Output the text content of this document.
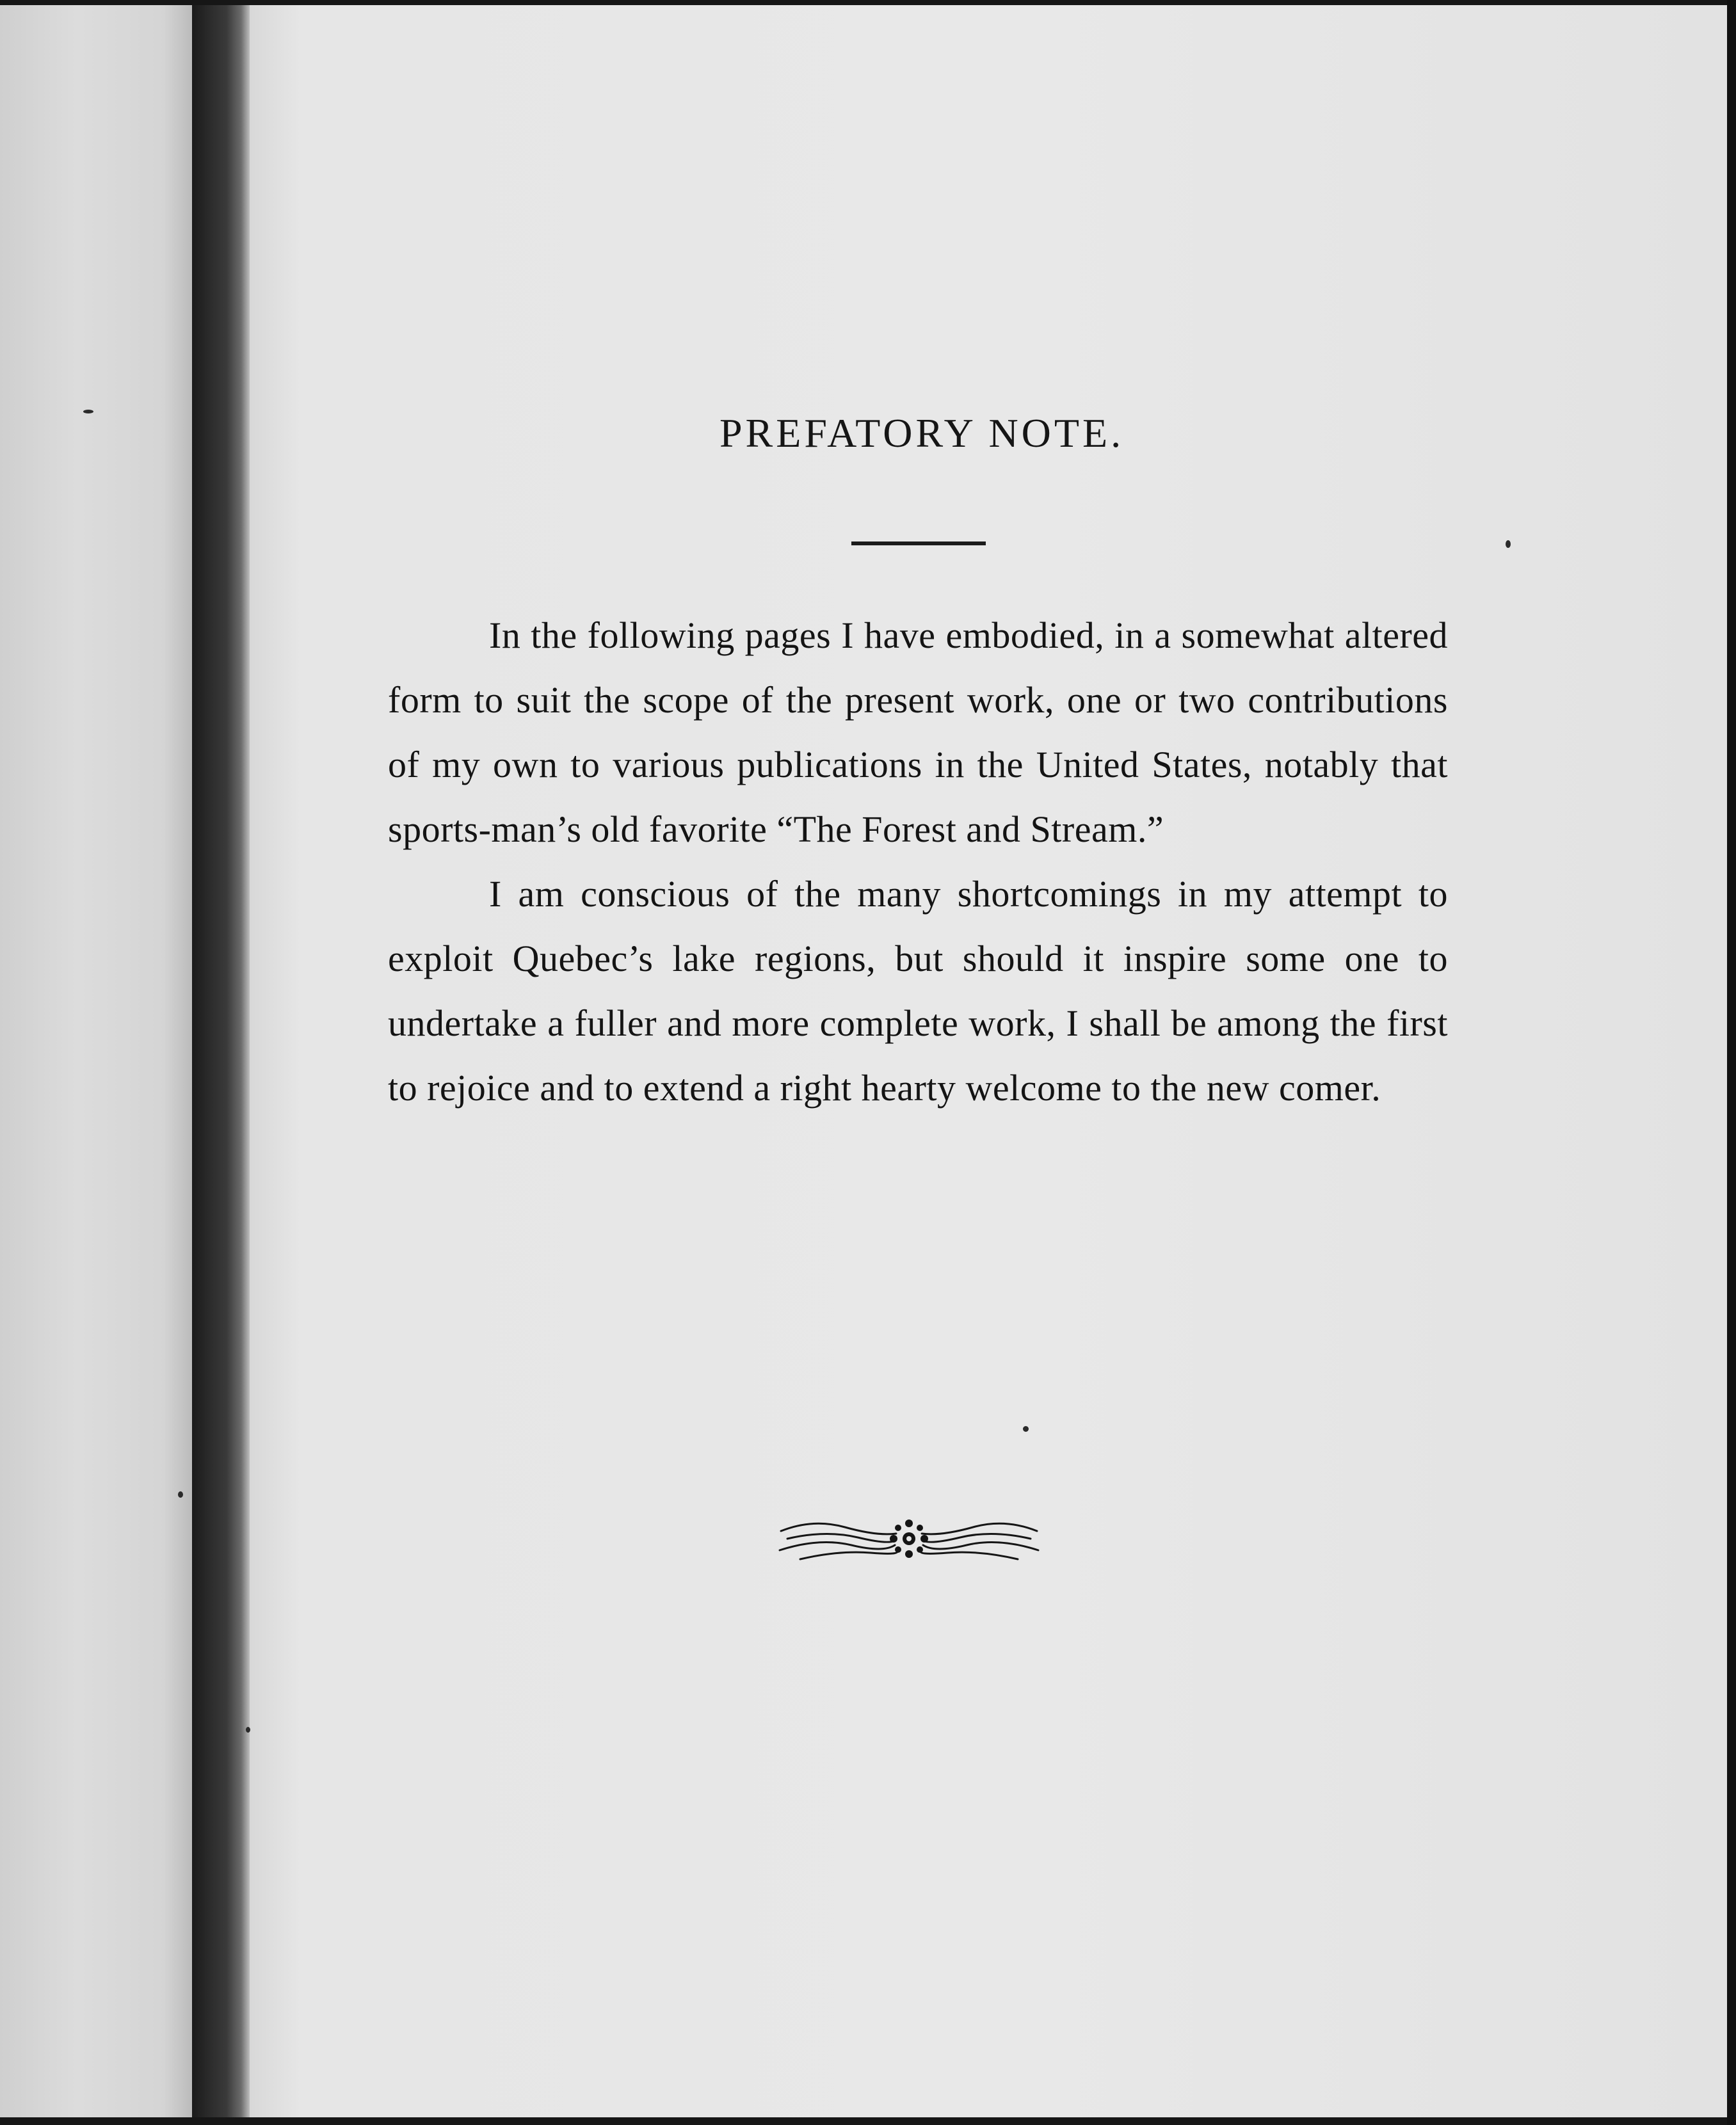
PREFATORY NOTE.

In the following pages I have embodied, in a somewhat altered form to suit the scope of the present work, one or two contributions of my own to various publications in the United States, notably that sports-man’s old favorite “The Forest and Stream.”

I am conscious of the many shortcomings in my attempt to exploit Quebec’s lake regions, but should it inspire some one to undertake a fuller and more complete work, I shall be among the first to rejoice and to extend a right hearty welcome to the new comer.
